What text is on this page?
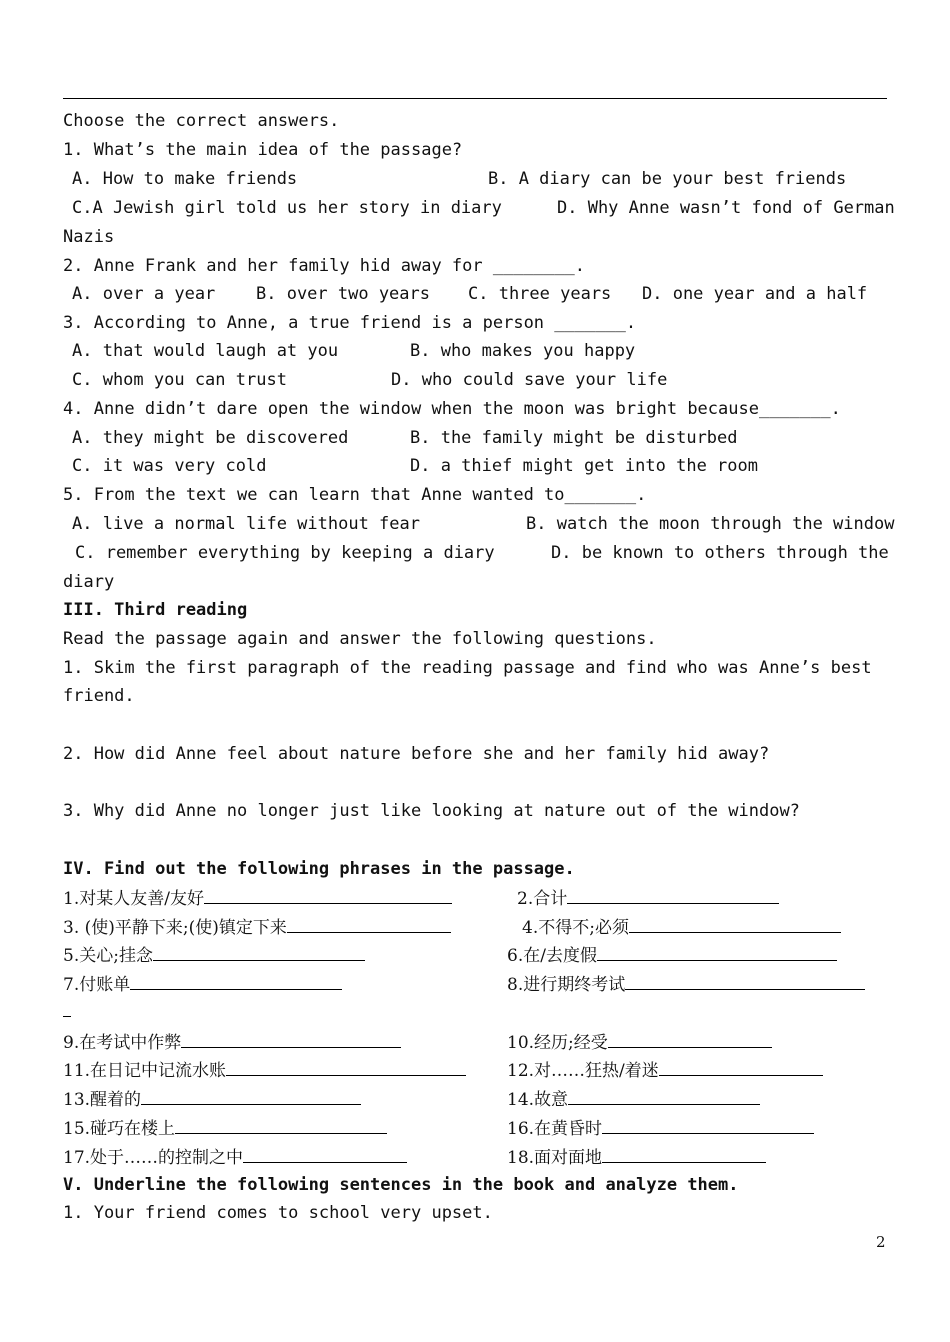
Choose the correct answers.
1. What’s the main idea of the passage?
A. How to make friends	B. A diary can be your best friends
C.A Jewish girl told us her story in diary	D. Why Anne wasn’t fond of German
Nazis
2. Anne Frank and her family hid away for ________.
A. over a year B. over two years C. three years D. one year and a half
3. According to Anne, a true friend is a person _______.
A. that would laugh at you	B. who makes you happy
C. whom you can trust	D. who could save your life
4. Anne didn’t dare open the window when the moon was bright because_______.
A. they might be discovered	B. the family might be disturbed
C. it was very cold	D. a thief might get into the room
5. From the text we can learn that Anne wanted to_______.
A. live a normal life without fear	B. watch the moon through the window
C. remember everything by keeping a diary	D. be known to others through the
diary
III. Third reading
Read the passage again and answer the following questions.
1. Skim the first paragraph of the reading passage and find who was Anne’s best
friend.
2. How did Anne feel about nature before she and her family hid away?
3. Why did Anne no longer just like looking at nature out of the window?
IV. Find out the following phrases in the passage.
1.对某人友善/友好	2.合计
3. (使)平静下来;(使)镇定下来	4.不得不;必须
5.关心;挂念	6.在/去度假
7.付账单	8.进行期终考试
9.在考试中作弊	10.经历;经受
11.在日记中记流水账	12.对……狂热/着迷
13.醒着的	14.故意
15.碰巧在楼上	16.在黄昏时
17.处于……的控制之中	18.面对面地
V. Underline the following sentences in the book and analyze them.
1. Your friend comes to school very upset.
2
